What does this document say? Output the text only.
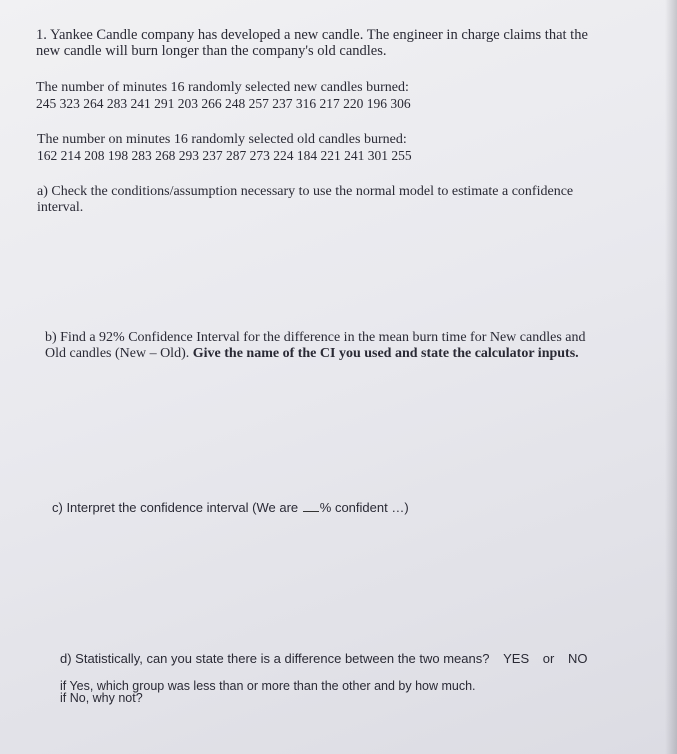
1. Yankee Candle company has developed a new candle. The engineer in charge claims that the

new candle will burn longer than the company's old candles.

The number of minutes 16 randomly selected new candles burned:

245 323 264 283 241 291 203 266 248 257 237 316 217 220 196 306

The number on minutes 16 randomly selected old candles burned:

162 214 208 198 283 268 293 237 287 273 224 184 221 241 301 255

a) Check the conditions/assumption necessary to use the normal model to estimate a confidence

interval.

b) Find a 92% Confidence Interval for the difference in the mean burn time for New candles and

Old candles (New – Old). Give the name of the CI you used and state the calculator inputs.

c) Interpret the confidence interval (We are % confident …)

d) Statistically, can you state there is a difference between the two means? YES or NO

if Yes, which group was less than or more than the other and by how much.

if No, why not?
